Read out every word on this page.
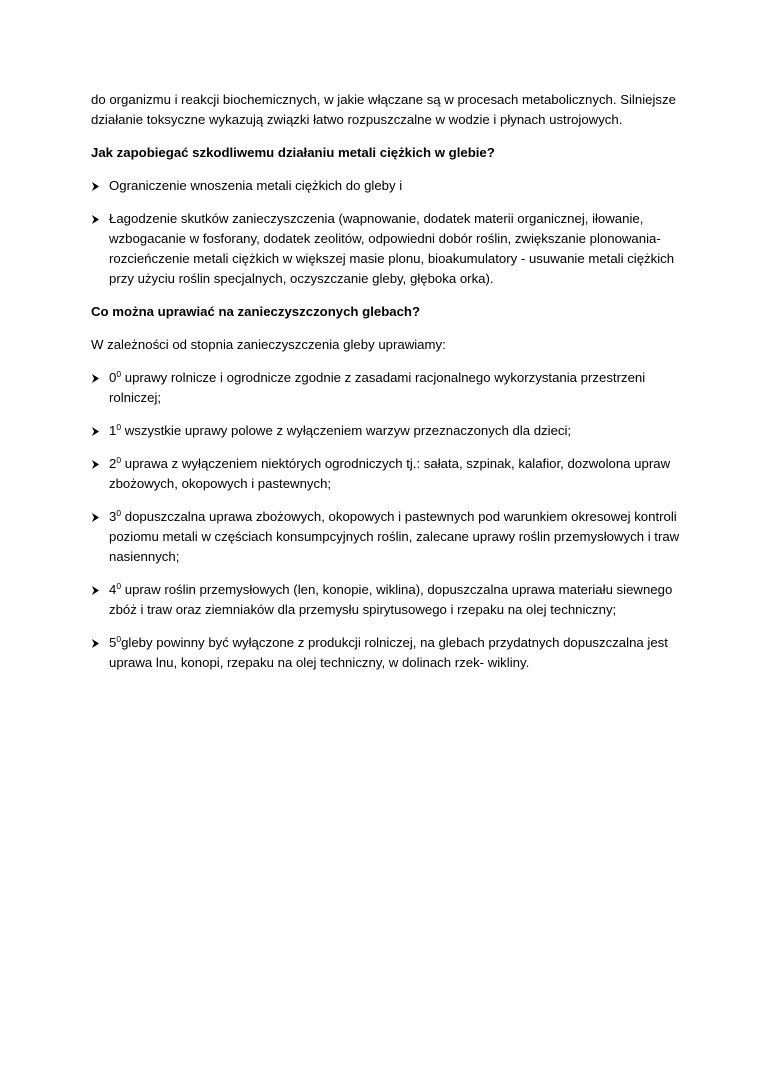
do organizmu i reakcji biochemicznych, w jakie włączane są w procesach metabolicznych. Silniejsze działanie toksyczne wykazują związki łatwo rozpuszczalne w wodzie i płynach ustrojowych.

Jak zapobiegać szkodliwemu działaniu metali ciężkich w glebie?

Ograniczenie wnoszenia metali ciężkich do gleby i
Łagodzenie skutków zanieczyszczenia (wapnowanie, dodatek materii organicznej, iłowanie, wzbogacanie w fosforany, dodatek zeolitów, odpowiedni dobór roślin, zwiększanie plonowania- rozcieńczenie metali ciężkich w większej masie plonu, bioakumulatory - usuwanie metali ciężkich przy użyciu roślin specjalnych, oczyszczanie gleby, głęboka orka).

Co można uprawiać na zanieczyszczonych glebach?

W zależności od stopnia zanieczyszczenia gleby uprawiamy:

$0^0$ uprawy rolnicze i ogrodnicze zgodnie z zasadami racjonalnego wykorzystania przestrzeni rolniczej;
$1^0$ wszystkie uprawy polowe z wyłączeniem warzyw przeznaczonych dla dzieci;
$2^0$ uprawa z wyłączeniem niektórych ogrodniczych tj.: sałata, szpinak, kalafior, dozwolona upraw zbożowych, okopowych i pastewnych;
$3^0$ dopuszczalna uprawa zbożowych, okopowych i pastewnych pod warunkiem okresowej kontroli poziomu metali w częściach konsumpcyjnych roślin, zalecane uprawy roślin przemysłowych i traw nasiennych;
$4^0$ upraw roślin przemysłowych (len, konopie, wiklina), dopuszczalna uprawa materiału siewnego zbóż i traw oraz ziemniaków dla przemysłu spirytusowego i rzepaku na olej techniczny;
$5^0gleby$ powinny być wyłączone z produkcji rolniczej, na glebach przydatnych dopuszczalna jest uprawa lnu, konopi, rzepaku na olej techniczny, w dolinach rzek- wikliny.
